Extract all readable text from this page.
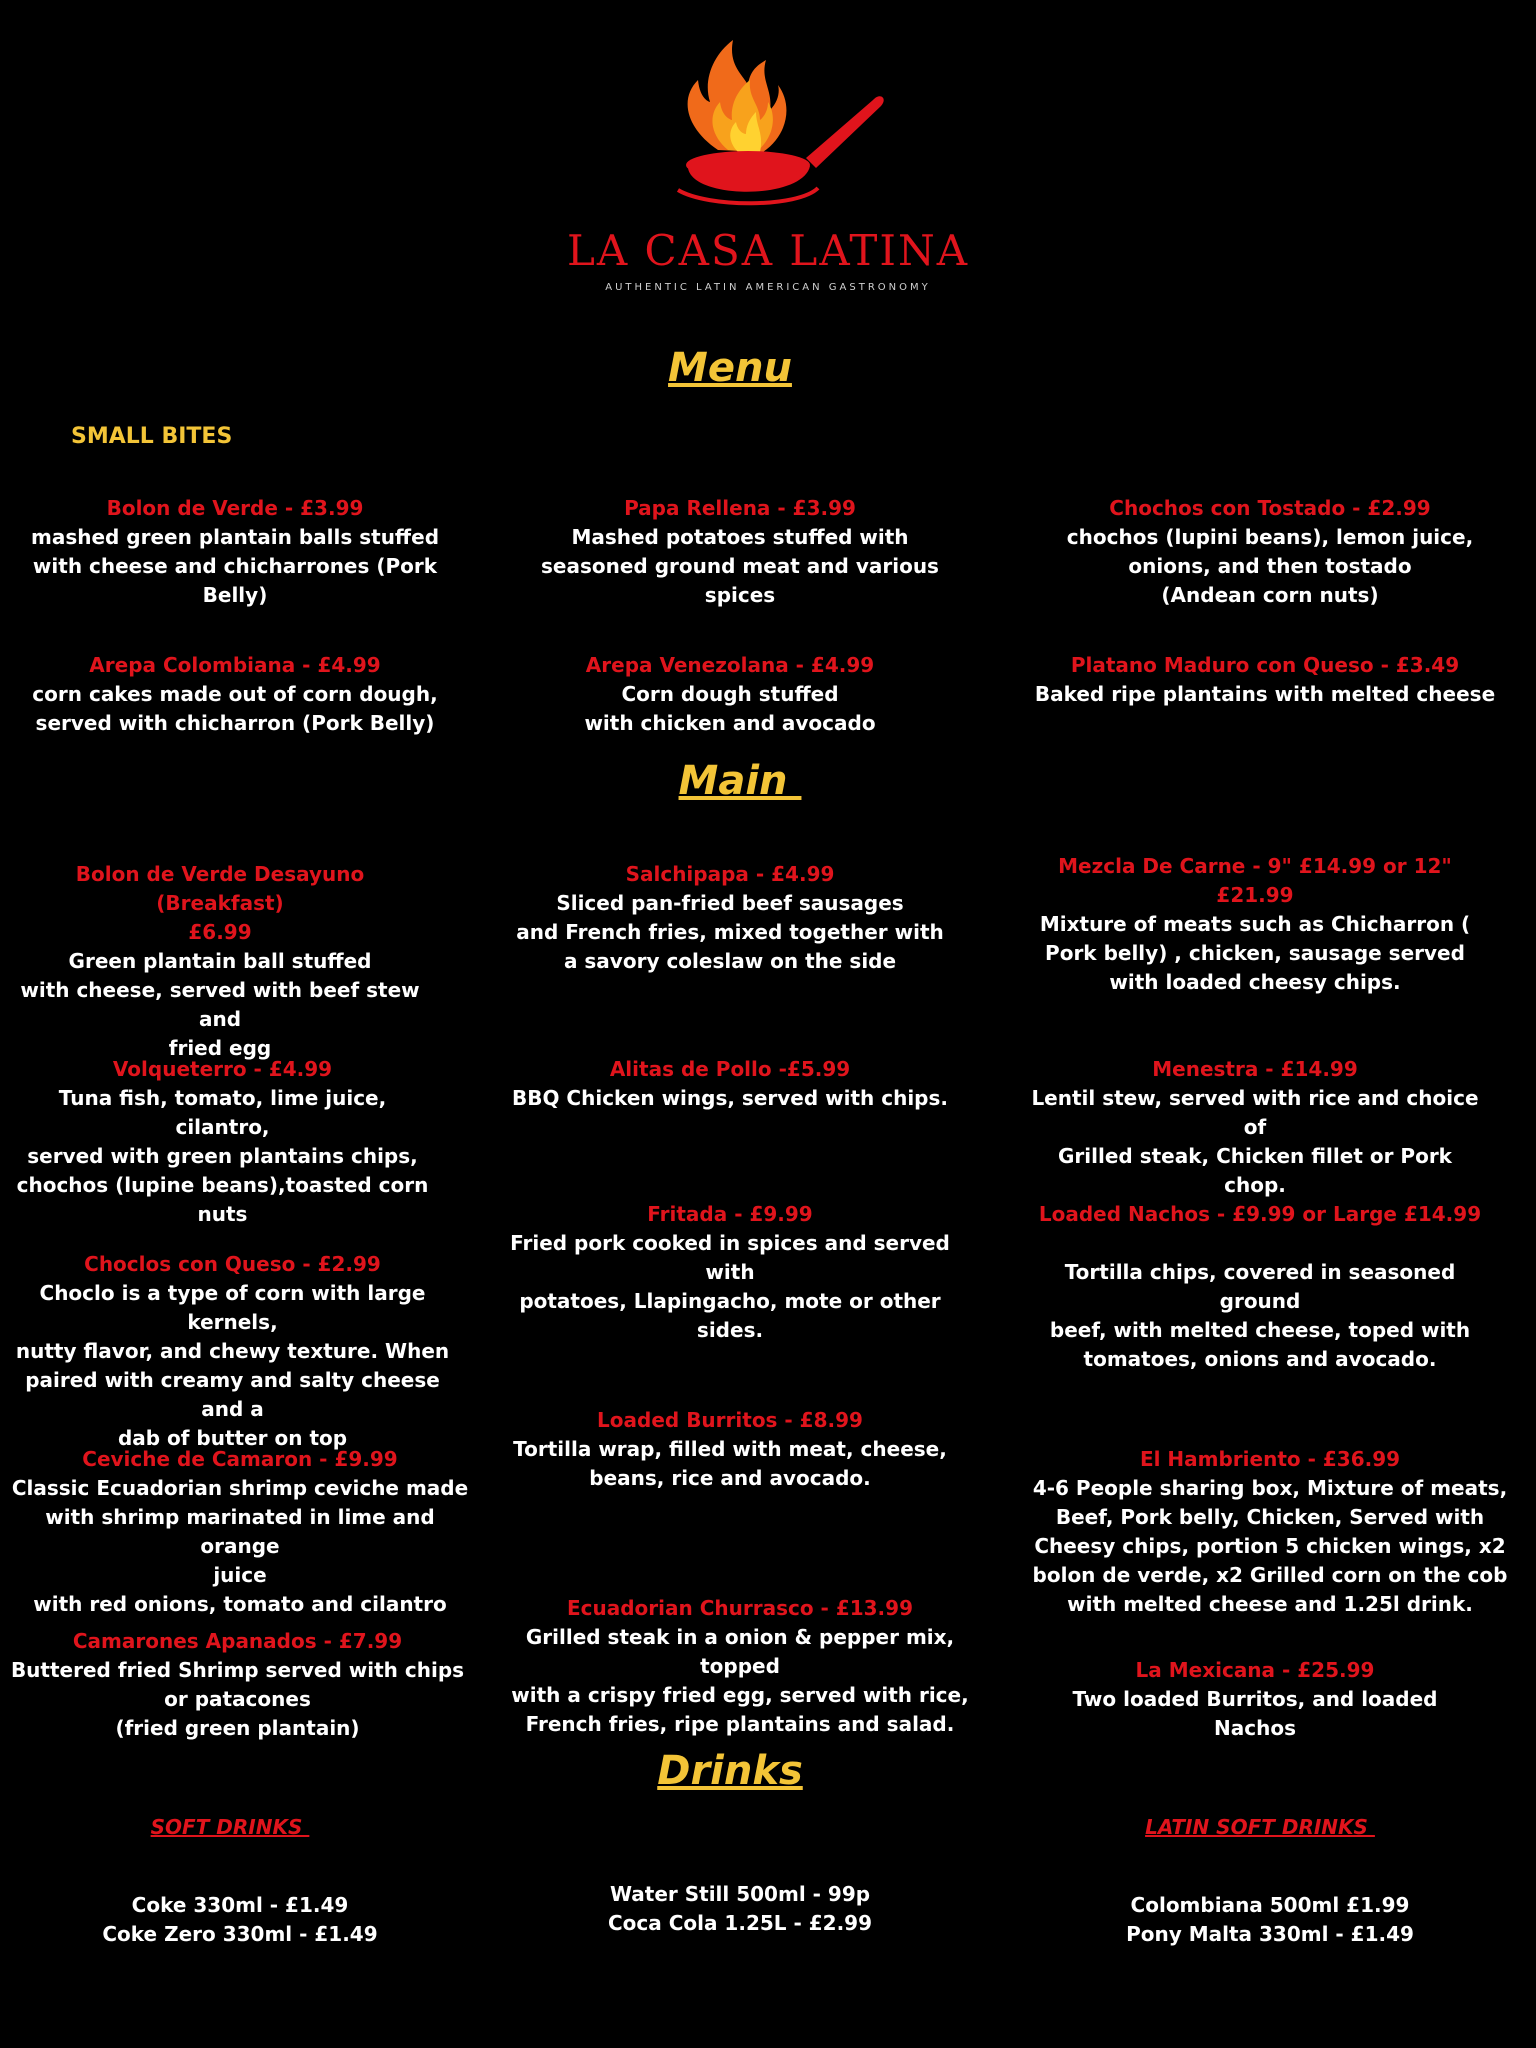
LA CASA LATINA
AUTHENTIC LATIN AMERICAN GASTRONOMY
Menu
SMALL BITES
Bolon de Verde - £3.99
mashed green plantain balls stuffed
with cheese and chicharrones (Pork Belly)
Papa Rellena - £3.99
Mashed potatoes stuffed with
seasoned ground meat and various
spices
Chochos con Tostado - £2.99
chochos (lupini beans), lemon juice,
onions, and then tostado
(Andean corn nuts)
Arepa Colombiana - £4.99
corn cakes made out of corn dough,
served with chicharron (Pork Belly)
Arepa Venezolana - £4.99
Corn dough stuffed
with chicken and avocado
Platano Maduro con Queso - £3.49
Baked ripe plantains with melted cheese
Main
Bolon de Verde Desayuno (Breakfast)
£6.99
Green plantain ball stuffed
with cheese, served with beef stew and
fried egg
Volqueterro - £4.99
Tuna fish, tomato, lime juice, cilantro,
served with green plantains chips,
chochos (lupine beans),toasted corn
nuts
Choclos con Queso - £2.99
Choclo is a type of corn with large kernels,
nutty flavor, and chewy texture. When
paired with creamy and salty cheese and a
dab of butter on top
Ceviche de Camaron - £9.99
Classic Ecuadorian shrimp ceviche made
with shrimp marinated in lime and orange
juice
with red onions, tomato and cilantro
Camarones Apanados - £7.99
Buttered fried Shrimp served with chips
or patacones
(fried green plantain)
Salchipapa - £4.99
Sliced pan-fried beef sausages
and French fries, mixed together with
a savory coleslaw on the side
Alitas de Pollo -£5.99
BBQ Chicken wings, served with chips.
Fritada - £9.99
Fried pork cooked in spices and served with
potatoes, Llapingacho, mote or other sides.
Loaded Burritos - £8.99
Tortilla wrap, filled with meat, cheese,
beans, rice and avocado.
Ecuadorian Churrasco - £13.99
Grilled steak in a onion & pepper mix, topped
with a crispy fried egg, served with rice,
French fries, ripe plantains and salad.
Mezcla De Carne - 9" £14.99 or 12"
£21.99
Mixture of meats such as Chicharron (
Pork belly) , chicken, sausage served
with loaded cheesy chips.
Menestra - £14.99
Lentil stew, served with rice and choice of
Grilled steak, Chicken fillet or Pork chop.
Loaded Nachos - £9.99 or Large £14.99

Tortilla chips, covered in seasoned ground
beef, with melted cheese, toped with
tomatoes, onions and avocado.
El Hambriento - £36.99
4-6 People sharing box, Mixture of meats,
Beef, Pork belly, Chicken, Served with
Cheesy chips, portion 5 chicken wings, x2
bolon de verde, x2 Grilled corn on the cob
with melted cheese and 1.25l drink.
La Mexicana - £25.99
Two loaded Burritos, and loaded Nachos
Drinks
SOFT DRINKS
Coke 330ml - £1.49
Coke Zero 330ml - £1.49
Water Still 500ml - 99p
Coca Cola 1.25L - £2.99
LATIN SOFT DRINKS
Colombiana 500ml £1.99
Pony Malta 330ml - £1.49
